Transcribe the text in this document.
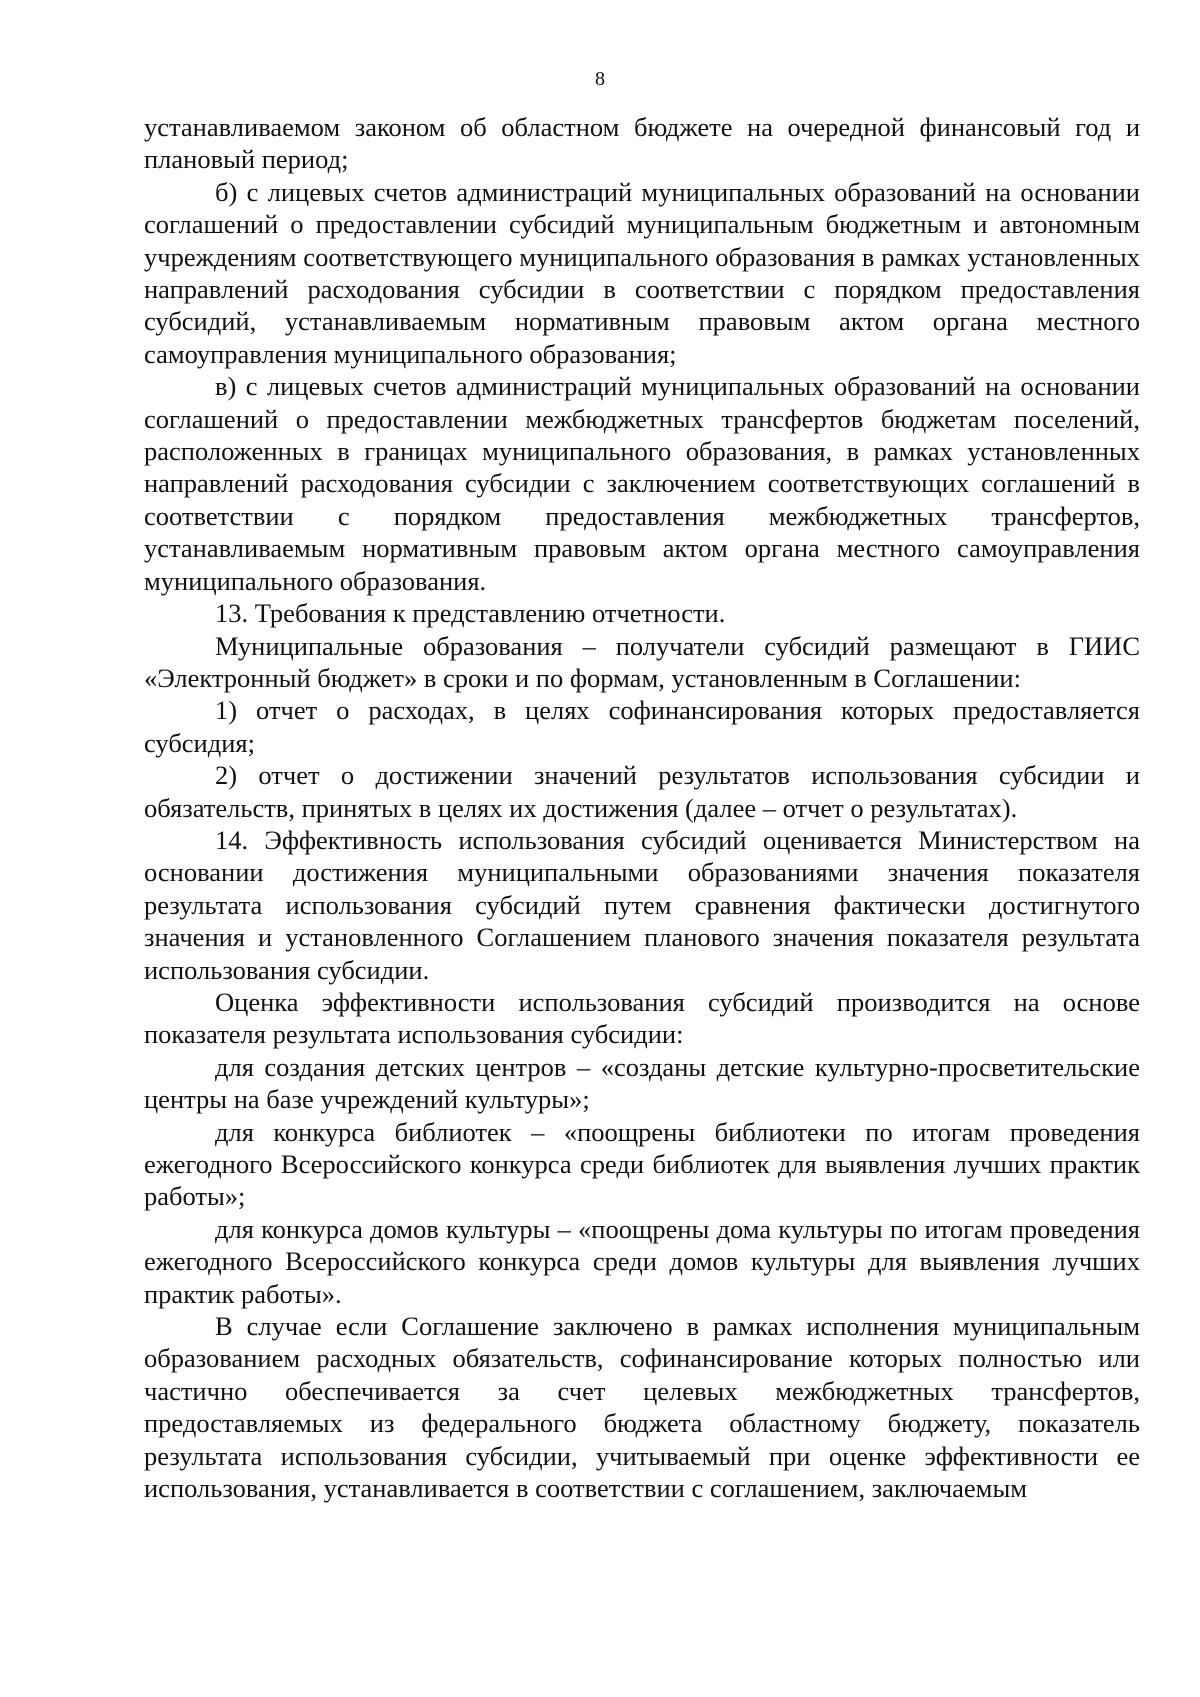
8

устанавливаемом законом об областном бюджете на очередной финансовый год и плановый период;

б) с лицевых счетов администраций муниципальных образований на основании соглашений о предоставлении субсидий муниципальным бюджетным и автономным учреждениям соответствующего муниципального образования в рамках установленных направлений расходования субсидии в соответствии с порядком предоставления субсидий, устанавливаемым нормативным правовым актом органа местного самоуправления муниципального образования;

в) с лицевых счетов администраций муниципальных образований на основании соглашений о предоставлении межбюджетных трансфертов бюджетам поселений, расположенных в границах муниципального образования, в рамках установленных направлений расходования субсидии с заключением соответствующих соглашений в соответствии с порядком предоставления межбюджетных трансфертов, устанавливаемым нормативным правовым актом органа местного самоуправления муниципального образования.

13. Требования к представлению отчетности.

Муниципальные образования – получатели субсидий размещают в ГИИС «Электронный бюджет» в сроки и по формам, установленным в Соглашении:

1) отчет о расходах, в целях софинансирования которых предоставляется субсидия;

2) отчет о достижении значений результатов использования субсидии и обязательств, принятых в целях их достижения (далее – отчет о результатах).

14. Эффективность использования субсидий оценивается Министерством на основании достижения муниципальными образованиями значения показателя результата использования субсидий путем сравнения фактически достигнутого значения и установленного Соглашением планового значения показателя результата использования субсидии.

Оценка эффективности использования субсидий производится на основе показателя результата использования субсидии:

для создания детских центров – «созданы детские культурно-просветительские центры на базе учреждений культуры»;

для конкурса библиотек – «поощрены библиотеки по итогам проведения ежегодного Всероссийского конкурса среди библиотек для выявления лучших практик работы»;

для конкурса домов культуры – «поощрены дома культуры по итогам проведения ежегодного Всероссийского конкурса среди домов культуры для выявления лучших практик работы».

В случае если Соглашение заключено в рамках исполнения муниципальным образованием расходных обязательств, софинансирование которых полностью или частично обеспечивается за счет целевых межбюджетных трансфертов, предоставляемых из федерального бюджета областному бюджету, показатель результата использования субсидии, учитываемый при оценке эффективности ее использования, устанавливается в соответствии с соглашением, заключаемым
